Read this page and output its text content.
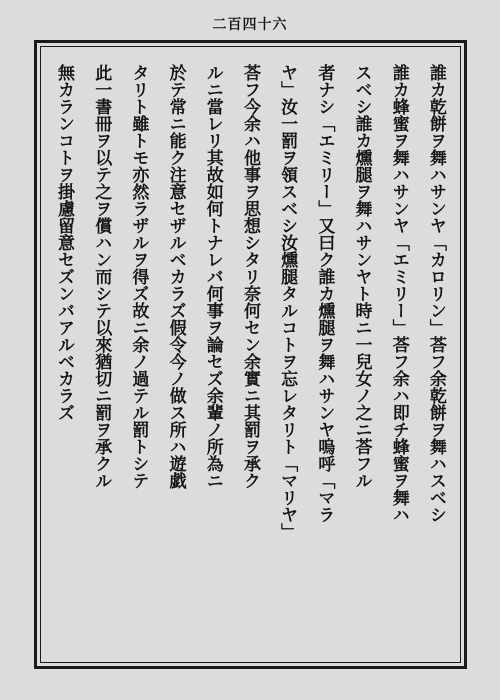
二百四十六
誰カ乾餅ヲ舞ハサンヤ「カロリン」荅フ余乾餅ヲ舞ハスベシ
誰カ蜂蜜ヲ舞ハサンヤ「エミリー」荅フ余ハ即チ蜂蜜ヲ舞ハ
スベシ誰カ燻腿ヲ舞ハサンヤト時ニ一兒女ノ之ニ荅フル
者ナシ「エミリー」又曰ク誰カ燻腿ヲ舞ハサンヤ嗚呼「マラ
ヤ」汝一罰ヲ領スベシ汝燻腿タルコトヲ忘レタリト「マリヤ」
荅フ今余ハ他事ヲ思想シタリ奈何セン余實ニ其罰ヲ承ク
ルニ當レリ其故如何トナレバ何事ヲ論セズ余輩ノ所為ニ
於テ常ニ能ク注意セザルベカラズ假令今ノ做ス所ハ遊戯
タリト雖トモ亦然ラザルヲ得ズ故ニ余ノ過テル罰トシテ
此一書冊ヲ以テ之ヲ償ハン而シテ以來猶切ニ罰ヲ承クル
無カランコトヲ掛慮留意セズンバアルベカラズ
